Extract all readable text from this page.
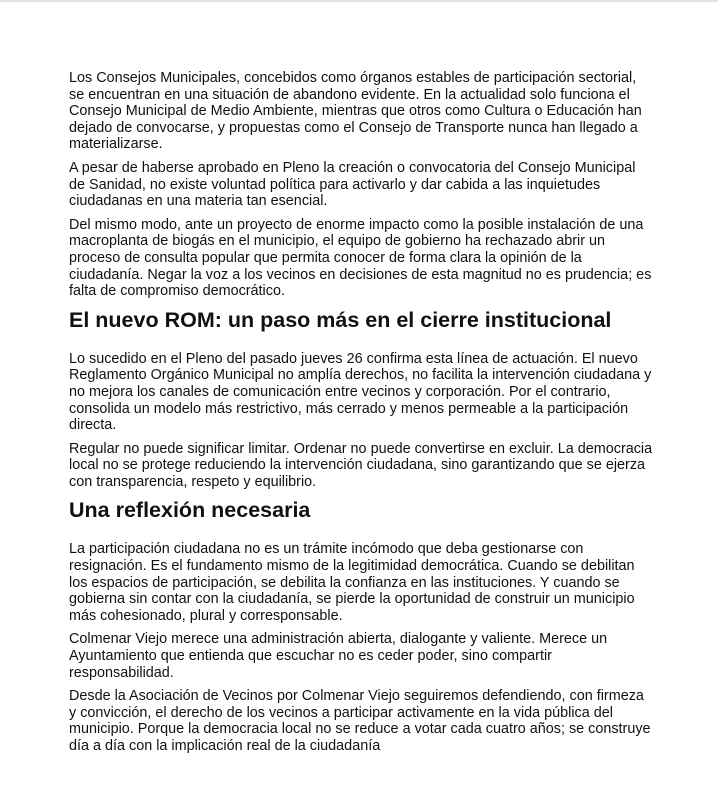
Los Consejos Municipales, concebidos como órganos estables de participación sectorial, se encuentran en una situación de abandono evidente. En la actualidad solo funciona el Consejo Municipal de Medio Ambiente, mientras que otros como Cultura o Educación han dejado de convocarse, y propuestas como el Consejo de Transporte nunca han llegado a materializarse.

A pesar de haberse aprobado en Pleno la creación o convocatoria del Consejo Municipal de Sanidad, no existe voluntad política para activarlo y dar cabida a las inquietudes ciudadanas en una materia tan esencial.

Del mismo modo, ante un proyecto de enorme impacto como la posible instalación de una macroplanta de biogás en el municipio, el equipo de gobierno ha rechazado abrir un proceso de consulta popular que permita conocer de forma clara la opinión de la ciudadanía. Negar la voz a los vecinos en decisiones de esta magnitud no es prudencia; es falta de compromiso democrático.

El nuevo ROM: un paso más en el cierre institucional

Lo sucedido en el Pleno del pasado jueves 26 confirma esta línea de actuación. El nuevo Reglamento Orgánico Municipal no amplía derechos, no facilita la intervención ciudadana y no mejora los canales de comunicación entre vecinos y corporación. Por el contrario, consolida un modelo más restrictivo, más cerrado y menos permeable a la participación directa.

Regular no puede significar limitar. Ordenar no puede convertirse en excluir. La democracia local no se protege reduciendo la intervención ciudadana, sino garantizando que se ejerza con transparencia, respeto y equilibrio.

Una reflexión necesaria

La participación ciudadana no es un trámite incómodo que deba gestionarse con resignación. Es el fundamento mismo de la legitimidad democrática. Cuando se debilitan los espacios de participación, se debilita la confianza en las instituciones. Y cuando se gobierna sin contar con la ciudadanía, se pierde la oportunidad de construir un municipio más cohesionado, plural y corresponsable.

Colmenar Viejo merece una administración abierta, dialogante y valiente. Merece un Ayuntamiento que entienda que escuchar no es ceder poder, sino compartir responsabilidad.

Desde la Asociación de Vecinos por Colmenar Viejo seguiremos defendiendo, con firmeza y convicción, el derecho de los vecinos a participar activamente en la vida pública del municipio. Porque la democracia local no se reduce a votar cada cuatro años; se construye día a día con la implicación real de la ciudadanía
